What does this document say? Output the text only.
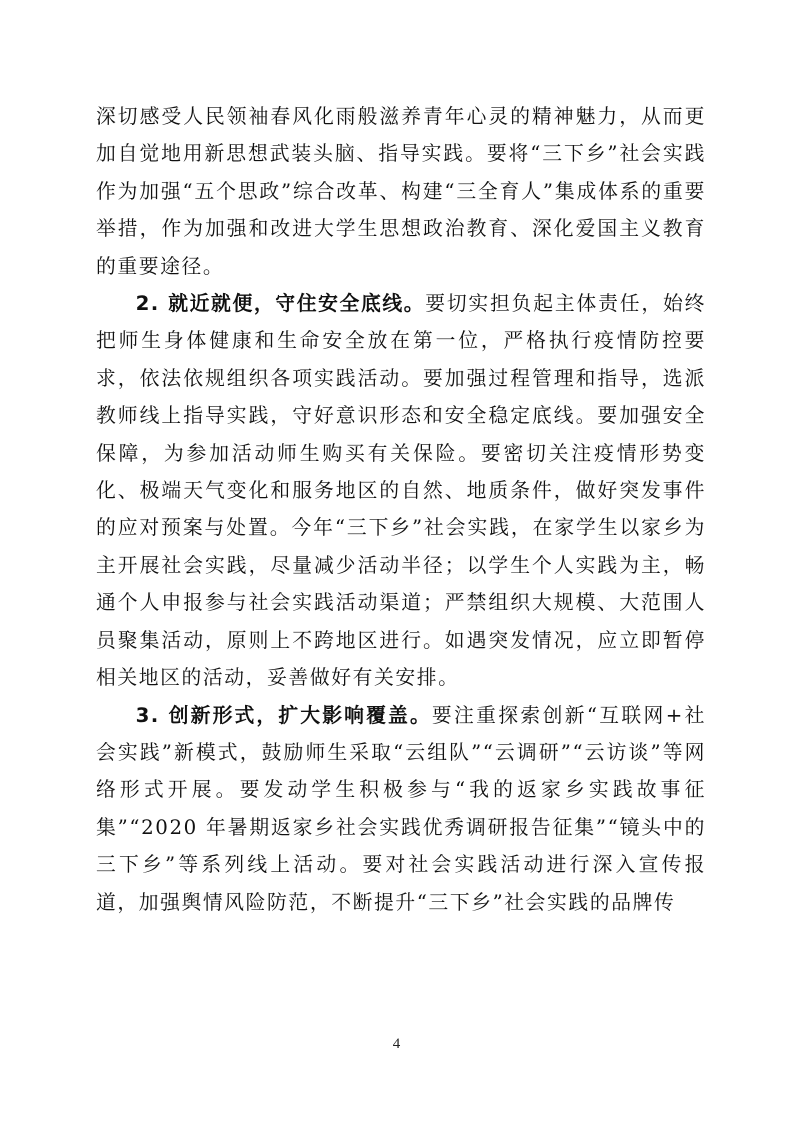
深切感受人民领袖春风化雨般滋养青年心灵的精神魅力，从而更加自觉地用新思想武装头脑、指导实践。要将“三下乡”社会实践作为加强“五个思政”综合改革、构建“三全育人”集成体系的重要举措，作为加强和改进大学生思想政治教育、深化爱国主义教育的重要途径。

2. 就近就便，守住安全底线。要切实担负起主体责任，始终把师生身体健康和生命安全放在第一位，严格执行疫情防控要求，依法依规组织各项实践活动。要加强过程管理和指导，选派教师线上指导实践，守好意识形态和安全稳定底线。要加强安全保障，为参加活动师生购买有关保险。要密切关注疫情形势变化、极端天气变化和服务地区的自然、地质条件，做好突发事件的应对预案与处置。今年“三下乡”社会实践，在家学生以家乡为主开展社会实践，尽量减少活动半径；以学生个人实践为主，畅通个人申报参与社会实践活动渠道；严禁组织大规模、大范围人员聚集活动，原则上不跨地区进行。如遇突发情况，应立即暂停相关地区的活动，妥善做好有关安排。

3. 创新形式，扩大影响覆盖。要注重探索创新“互联网+社会实践”新模式，鼓励师生采取“云组队”“云调研”“云访谈”等网络形式开展。要发动学生积极参与“我的返家乡实践故事征集”“2020 年暑期返家乡社会实践优秀调研报告征集”“镜头中的三下乡”等系列线上活动。要对社会实践活动进行深入宣传报道，加强舆情风险防范，不断提升“三下乡”社会实践的品牌传

4
